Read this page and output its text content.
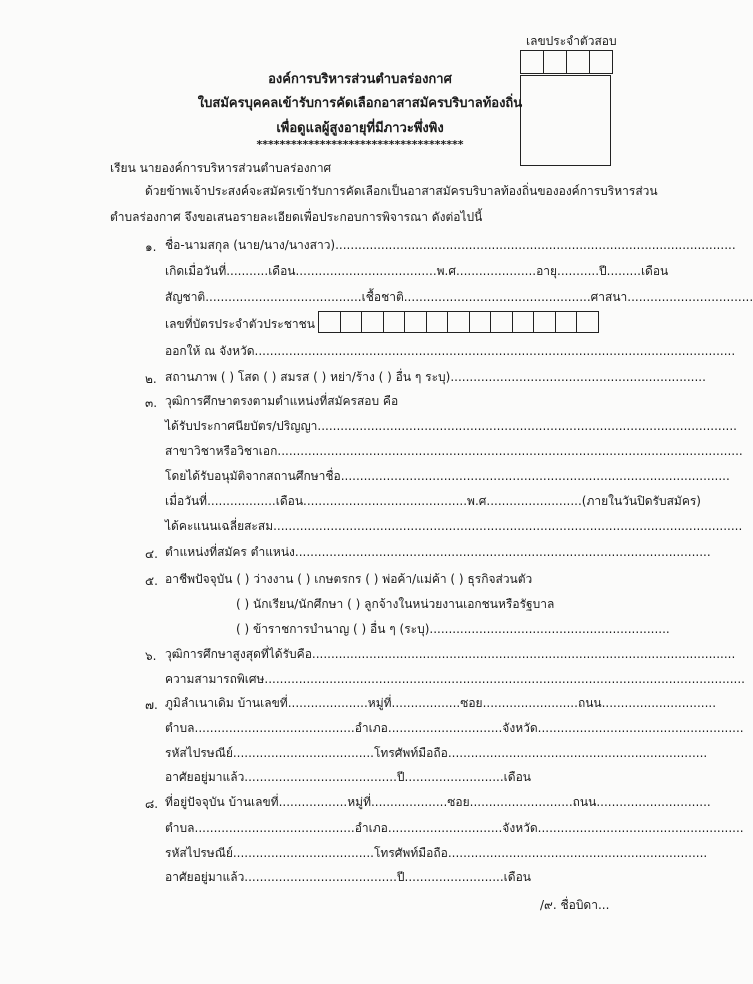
เลขประจำตัวสอบ
องค์การบริหารส่วนตำบลร่องกาศ
ใบสมัครบุคคลเข้ารับการคัดเลือกอาสาสมัครบริบาลท้องถิ่น
เพื่อดูแลผู้สูงอายุที่มีภาวะพึ่งพิง
************************************
เรียน นายองค์การบริหารส่วนตำบลร่องกาศ
ด้วยข้าพเจ้าประสงค์จะสมัครเข้ารับการคัดเลือกเป็นอาสาสมัครบริบาลท้องถิ่นขององค์การบริหารส่วน
ตำบลร่องกาศ จึงขอเสนอรายละเอียดเพื่อประกอบการพิจารณา ดังต่อไปนี้
๑. ชื่อ-นามสกุล (นาย/นาง/นางสาว).........................................................................................................
เกิดเมื่อวันที่...........เดือน.....................................พ.ศ.....................อายุ...........ปี.........เดือน
สัญชาติ.........................................เชื้อชาติ.................................................ศาสนา.................................
เลขที่บัตรประจำตัวประชาชน
ออกให้ ณ จังหวัด..............................................................................................................................
๒. สถานภาพ ( ) โสด ( ) สมรส ( ) หย่า/ร้าง ( ) อื่น ๆ ระบุ)...................................................................
๓. วุฒิการศึกษาตรงตามตำแหน่งที่สมัครสอบ คือ
ได้รับประกาศนียบัตร/ปริญญา..............................................................................................................
สาขาวิชาหรือวิชาเอก..........................................................................................................................
โดยได้รับอนุมัติจากสถานศึกษาชื่อ......................................................................................................
เมื่อวันที่..................เดือน...........................................พ.ศ.........................(ภายในวันปิดรับสมัคร)
ได้คะแนนเฉลี่ยสะสม...........................................................................................................................
๔. ตำแหน่งที่สมัคร ตำแหน่ง.............................................................................................................
๕. อาชีพปัจจุบัน ( ) ว่างงาน ( ) เกษตรกร ( ) พ่อค้า/แม่ค้า ( ) ธุรกิจส่วนตัว
( ) นักเรียน/นักศึกษา ( ) ลูกจ้างในหน่วยงานเอกชนหรือรัฐบาล
( ) ข้าราชการบำนาญ ( ) อื่น ๆ (ระบุ)...............................................................
๖. วุฒิการศึกษาสูงสุดที่ได้รับคือ...............................................................................................................
ความสามารถพิเศษ..............................................................................................................................
๗. ภูมิลำเนาเดิม บ้านเลขที่.....................หมู่ที่..................ซอย.........................ถนน..............................
ตำบล..........................................อำเภอ..............................จังหวัด......................................................
รหัสไปรษณีย์.....................................โทรศัพท์มือถือ....................................................................
อาศัยอยู่มาแล้ว........................................ปี..........................เดือน
๘. ที่อยู่ปัจจุบัน บ้านเลขที่..................หมู่ที่....................ซอย...........................ถนน..............................
ตำบล..........................................อำเภอ..............................จังหวัด......................................................
รหัสไปรษณีย์.....................................โทรศัพท์มือถือ....................................................................
อาศัยอยู่มาแล้ว........................................ปี..........................เดือน
/๙. ชื่อบิดา...
